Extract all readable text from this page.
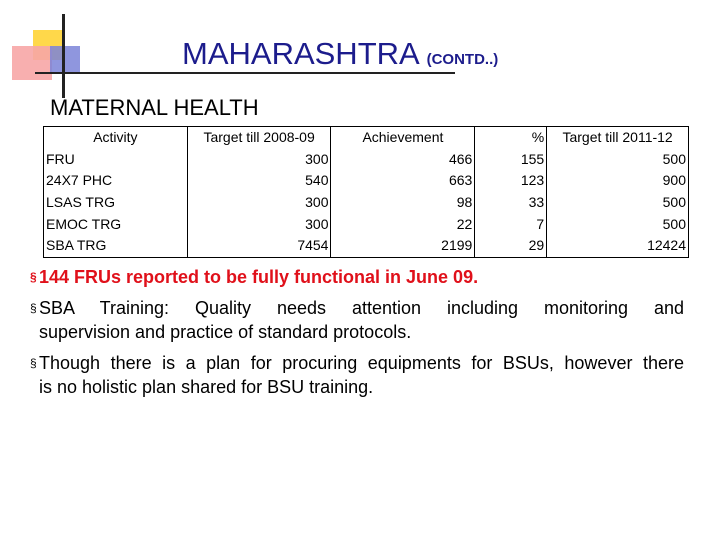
MAHARASHTRA (CONTD..)
MATERNAL HEALTH
Activity	Target till 2008-09	Achievement	%	Target till 2011-12
FRU	300	466	155	500
24X7 PHC	540	663	123	900
LSAS TRG	300	98	33	500
EMOC TRG	300	22	7	500
SBA TRG	7454	2199	29	12424
§ 144 FRUs reported to be fully functional in June 09.
§ SBA Training: Quality needs attention including monitoring and
supervision and practice of standard protocols.
§ Though there is a plan for procuring equipments for BSUs, however there
is no holistic plan shared for BSU training.
